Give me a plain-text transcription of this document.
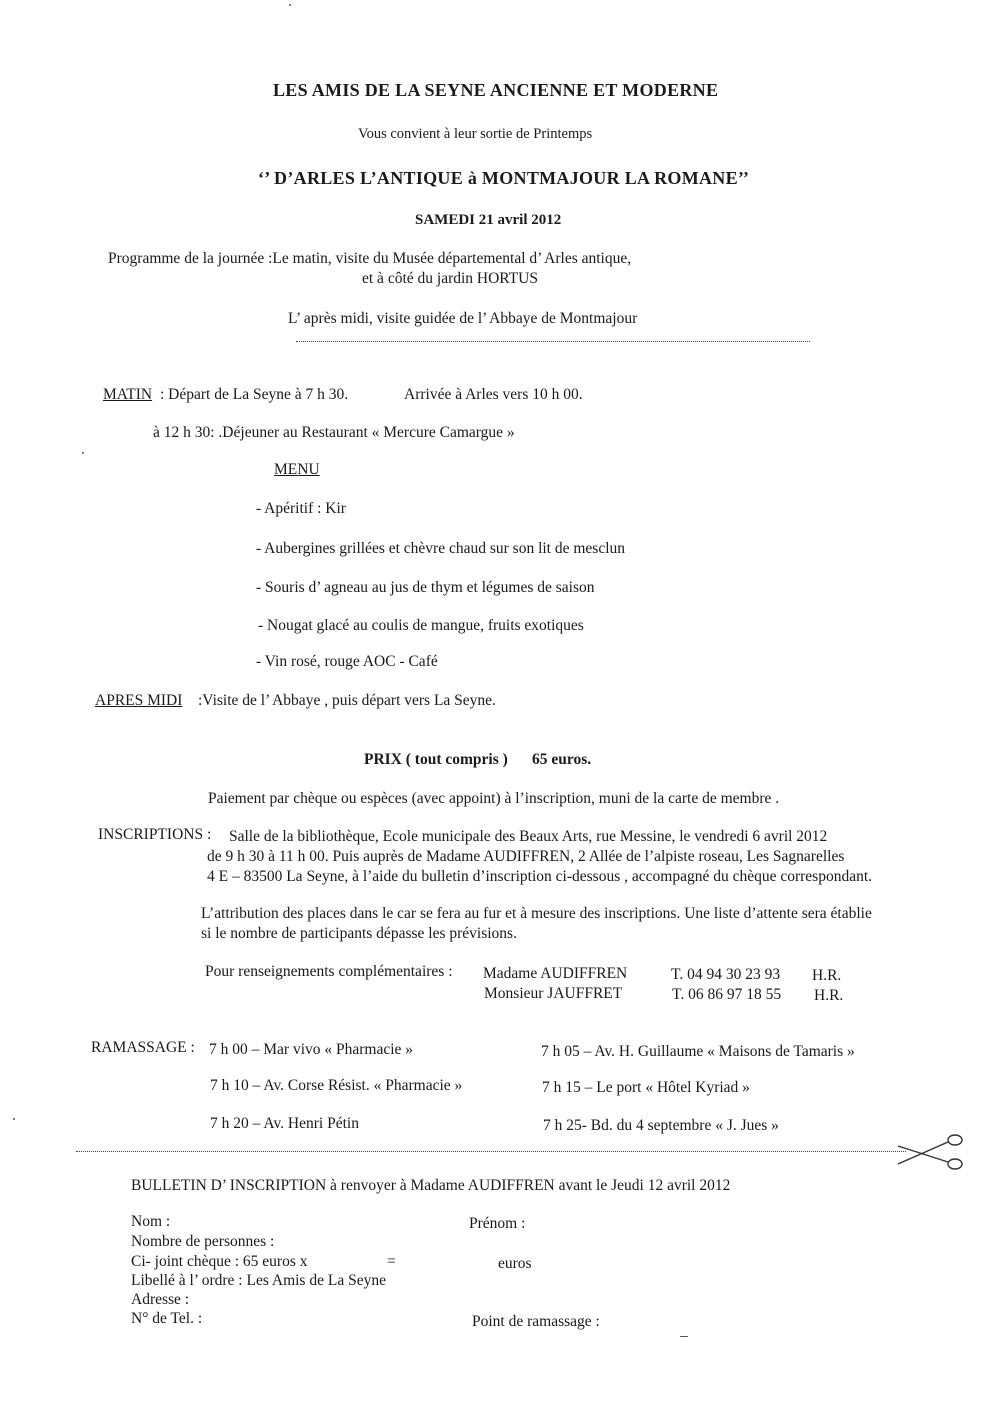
LES AMIS DE LA SEYNE ANCIENNE ET MODERNE
Vous convient à leur sortie de Printemps
‘’ D’ARLES L’ANTIQUE à MONTMAJOUR LA ROMANE’’
SAMEDI 21 avril 2012
Programme de la journée :Le matin, visite du Musée départemental d’ Arles antique,
et à côté du jardin HORTUS
L’ après midi, visite guidée de l’ Abbaye de Montmajour
MATIN : Départ de La Seyne à 7 h 30.	Arrivée à Arles vers 10 h 00.
à 12 h 30: .Déjeuner au Restaurant « Mercure Camargue »
MENU
- Apéritif : Kir
- Aubergines grillées et chèvre chaud sur son lit de mesclun
- Souris d’ agneau au jus de thym et légumes de saison
- Nougat glacé au coulis de mangue, fruits exotiques
- Vin rosé, rouge AOC - Café
APRES MIDI :Visite de l’ Abbaye , puis départ vers La Seyne.
PRIX ( tout compris ) 65 euros.
Paiement par chèque ou espèces (avec appoint) à l’inscription, muni de la carte de membre .
INSCRIPTIONS : Salle de la bibliothèque, Ecole municipale des Beaux Arts, rue Messine, le vendredi 6 avril 2012
de 9 h 30 à 11 h 00. Puis auprès de Madame AUDIFFREN, 2 Allée de l’alpiste roseau, Les Sagnarelles
4 E – 83500 La Seyne, à l’aide du bulletin d’inscription ci-dessous , accompagné du chèque correspondant.
L’attribution des places dans le car se fera au fur et à mesure des inscriptions. Une liste d’attente sera établie
si le nombre de participants dépasse les prévisions.
Pour renseignements complémentaires : Madame AUDIFFREN	T. 04 94 30 23 93 H.R.
Monsieur JAUFFRET	T. 06 86 97 18 55 H.R.
RAMASSAGE : 7 h 00 – Mar vivo « Pharmacie »	7 h 05 – Av. H. Guillaume « Maisons de Tamaris »
7 h 10 – Av. Corse Résist. « Pharmacie »	7 h 15 – Le port « Hôtel Kyriad »
7 h 20 – Av. Henri Pétin	7 h 25- Bd. du 4 septembre « J. Jues »
BULLETIN D’ INSCRIPTION à renvoyer à Madame AUDIFFREN avant le Jeudi 12 avril 2012
Nom :	Prénom :
Nombre de personnes :
Ci- joint chèque : 65 euros x	=	euros
Libellé à l’ ordre : Les Amis de La Seyne
Adresse :
N° de Tel. :	Point de ramassage :
